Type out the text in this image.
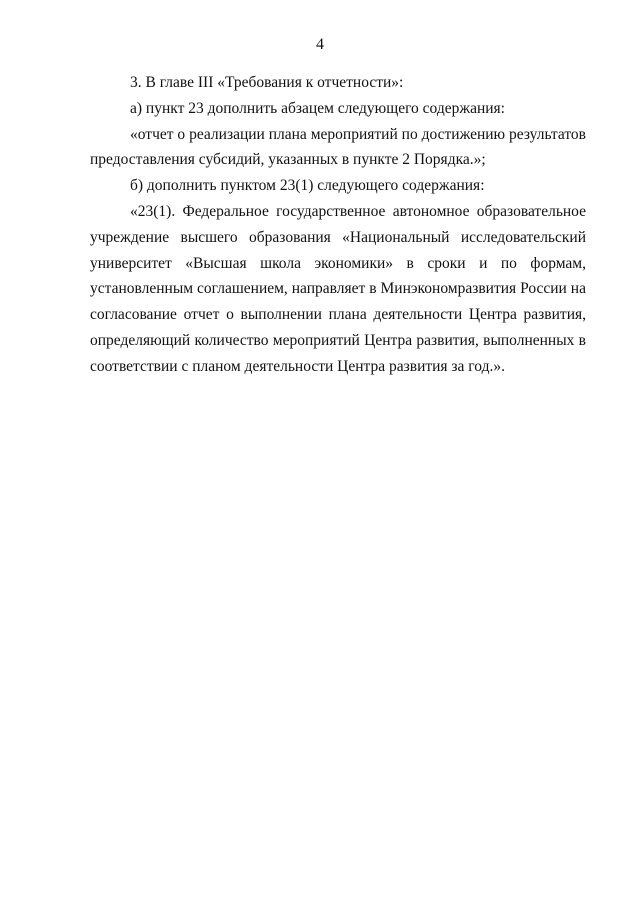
4

3. В главе III «Требования к отчетности»:

а) пункт 23 дополнить абзацем следующего содержания:

«отчет о реализации плана мероприятий по достижению результатов предоставления субсидий, указанных в пункте 2 Порядка.»;

б) дополнить пунктом 23(1) следующего содержания:

«23(1). Федеральное государственное автономное образовательное учреждение высшего образования «Национальный исследовательский университет «Высшая школа экономики» в сроки и по формам, установленным соглашением, направляет в Минэкономразвития России на согласование отчет о выполнении плана деятельности Центра развития, определяющий количество мероприятий Центра развития, выполненных в соответствии с планом деятельности Центра развития за год.».
